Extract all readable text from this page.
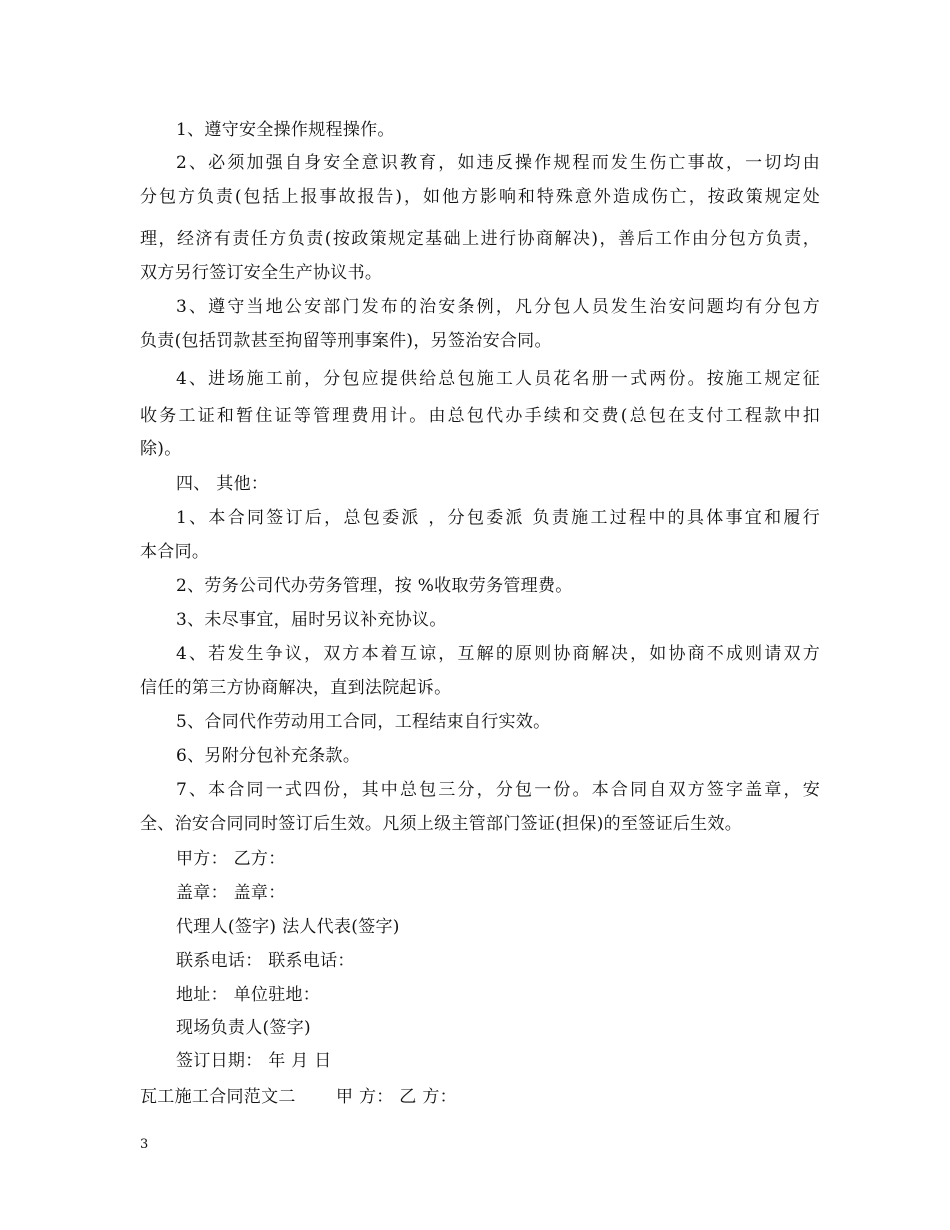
1、遵守安全操作规程操作。
2、必须加强自身安全意识教育，如违反操作规程而发生伤亡事故，一切均由
分包方负责(包括上报事故报告)，如他方影响和特殊意外造成伤亡，按政策规定处
理，经济有责任方负责(按政策规定基础上进行协商解决)，善后工作由分包方负责，
双方另行签订安全生产协议书。
3、遵守当地公安部门发布的治安条例，凡分包人员发生治安问题均有分包方
负责(包括罚款甚至拘留等刑事案件)，另签治安合同。
4、进场施工前，分包应提供给总包施工人员花名册一式两份。按施工规定征
收务工证和暂住证等管理费用计。由总包代办手续和交费(总包在支付工程款中扣
除)。
四、 其他：
1、本合同签订后，总包委派 ，分包委派 负责施工过程中的具体事宜和履行
本合同。
2、劳务公司代办劳务管理，按 %收取劳务管理费。
3、未尽事宜，届时另议补充协议。
4、若发生争议，双方本着互谅，互解的原则协商解决，如协商不成则请双方
信任的第三方协商解决，直到法院起诉。
5、合同代作劳动用工合同，工程结束自行实效。
6、另附分包补充条款。
7、本合同一式四份，其中总包三分，分包一份。本合同自双方签字盖章，安
全、治安合同同时签订后生效。凡须上级主管部门签证(担保)的至签证后生效。
甲方： 乙方：
盖章： 盖章：
代理人(签字) 法人代表(签字)
联系电话： 联系电话：
地址： 单位驻地：
现场负责人(签字)
签订日期： 年 月 日
瓦工施工合同范文二　　 甲 方： 乙 方：
3
